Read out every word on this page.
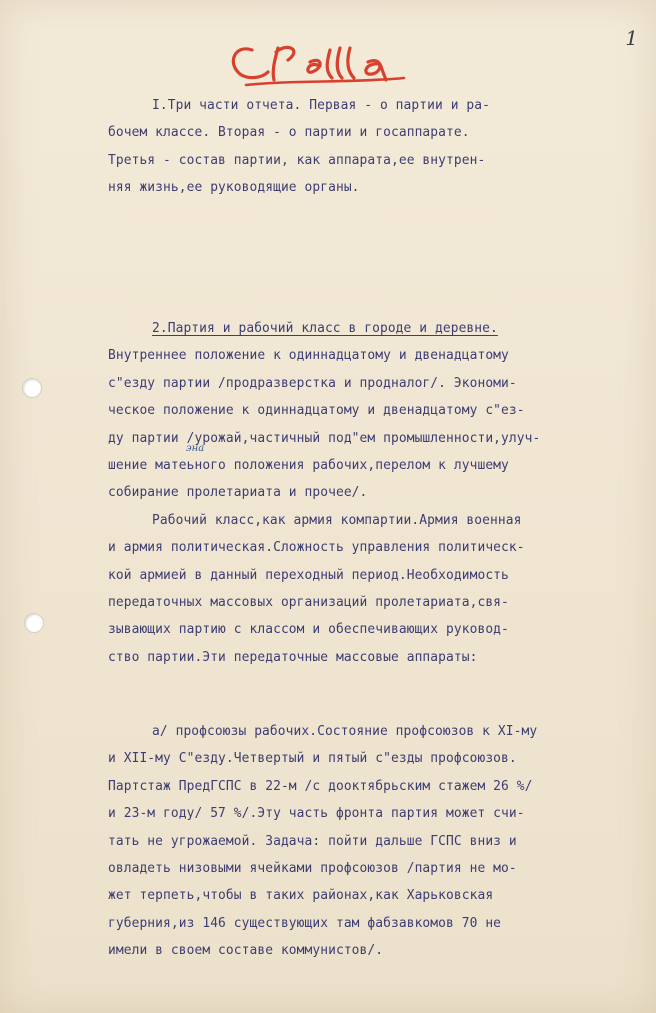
1
I.Три части отчета. Первая - о партии и ра-
бочем классе. Вторая - о партии и госаппарате.
Третья - состав партии, как аппарата,ее внутрен-
няя жизнь,ее руководящие органы.
2.Партия и рабочий класс в городе и деревне.
Внутреннее положение к одиннадцатому и двенадцатому
с"езду партии /продразверстка и продналог/. Экономи-
ческое положение к одиннадцатому и двенадцатому с"ез-
ду партии /урожай,частичный под"ем промышленности,улуч-
шение матеьного положения рабочих,перелом к лучшему
собирание пролетариата и прочее/.
Рабочий класс,как армия компартии.Армия военная
и армия политическая.Сложность управления политическ-
кой армией в данный переходный период.Необходимость
передаточных массовых организаций пролетариата,свя-
зывающих партию с классом и обеспечивающих руковод-
ство партии.Эти передаточные массовые аппараты:
эна
а/ профсоюзы рабочих.Состояние профсоюзов к XI-му
и XII-му С"езду.Четвертый и пятый с"езды профсоюзов.
Партстаж ПредГСПС в 22-м /с дооктябрьским стажем 26 %/
и 23-м году/ 57 %/.Эту часть фронта партия может счи-
тать не угрожаемой. Задача: пойти дальше ГСПС вниз и
овладеть низовыми ячейками профсоюзов /партия не мо-
жет терпеть,чтобы в таких районах,как Харьковская
губерния,из 146 существующих там фабзавкомов 70 не
имели в своем составе коммунистов/.
